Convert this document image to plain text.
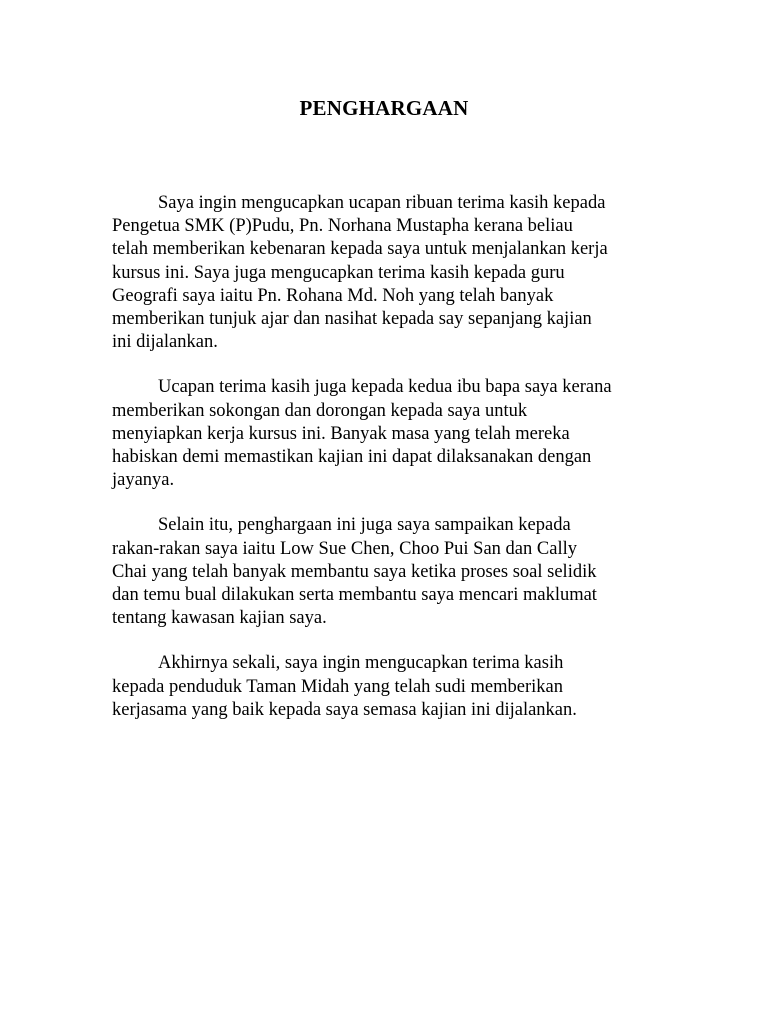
PENGHARGAAN
Saya ingin mengucapkan ucapan ribuan terima kasih kepada
Pengetua SMK (P)Pudu, Pn. Norhana Mustapha kerana beliau
telah memberikan kebenaran kepada saya untuk menjalankan kerja
kursus ini. Saya juga mengucapkan terima kasih kepada guru
Geografi saya iaitu Pn. Rohana Md. Noh yang telah banyak
memberikan tunjuk ajar dan nasihat kepada say sepanjang kajian
ini dijalankan.
Ucapan terima kasih juga kepada kedua ibu bapa saya kerana
memberikan sokongan dan dorongan kepada saya untuk
menyiapkan kerja kursus ini. Banyak masa yang telah mereka
habiskan demi memastikan kajian ini dapat dilaksanakan dengan
jayanya.
Selain itu, penghargaan ini juga saya sampaikan kepada
rakan-rakan saya iaitu Low Sue Chen, Choo Pui San dan Cally
Chai yang telah banyak membantu saya ketika proses soal selidik
dan temu bual dilakukan serta membantu saya mencari maklumat
tentang kawasan kajian saya.
Akhirnya sekali, saya ingin mengucapkan terima kasih
kepada penduduk Taman Midah yang telah sudi memberikan
kerjasama yang baik kepada saya semasa kajian ini dijalankan.
